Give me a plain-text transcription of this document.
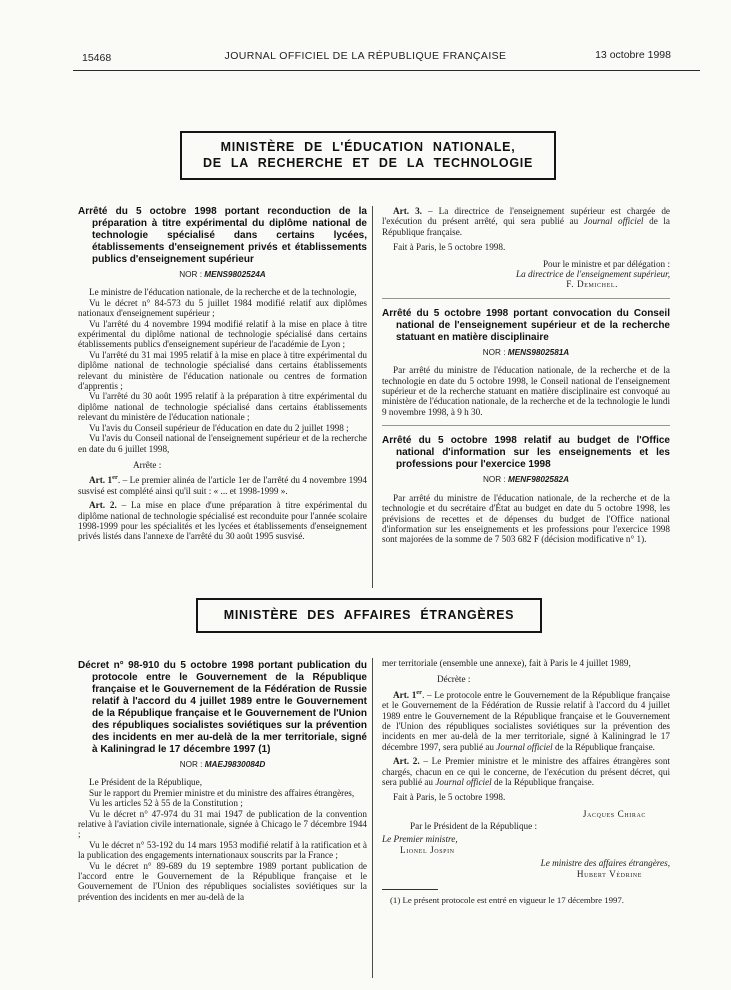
15468	JOURNAL OFFICIEL DE LA RÉPUBLIQUE FRANÇAISE	13 octobre 1998
MINISTÈRE DE L'ÉDUCATION NATIONALE,
DE LA RECHERCHE ET DE LA TECHNOLOGIE
Arrêté du 5 octobre 1998 portant reconduction de la préparation à titre expérimental du diplôme national de technologie spécialisé dans certains lycées, établissements d'enseignement privés et établissements publics d'enseignement supérieur

NOR : MENS9802524A

Le ministre de l'éducation nationale, de la recherche et de la technologie,

Vu le décret n° 84-573 du 5 juillet 1984 modifié relatif aux diplômes nationaux d'enseignement supérieur ;

Vu l'arrêté du 4 novembre 1994 modifié relatif à la mise en place à titre expérimental du diplôme national de technologie spécialisé dans certains établissements publics d'enseignement supérieur de l'académie de Lyon ;

Vu l'arrêté du 31 mai 1995 relatif à la mise en place à titre expérimental du diplôme national de technologie spécialisé dans certains établissements relevant du ministère de l'éducation nationale ou centres de formation d'apprentis ;

Vu l'arrêté du 30 août 1995 relatif à la préparation à titre expérimental du diplôme national de technologie spécialisé dans certains établissements relevant du ministère de l'éducation nationale ;

Vu l'avis du Conseil supérieur de l'éducation en date du 2 juillet 1998 ;

Vu l'avis du Conseil national de l'enseignement supérieur et de la recherche en date du 6 juillet 1998,

Arrête :

Art. 1er. – Le premier alinéa de l'article 1er de l'arrêté du 4 novembre 1994 susvisé est complété ainsi qu'il suit : « ... et 1998-1999 ».

Art. 2. – La mise en place d'une préparation à titre expérimental du diplôme national de technologie spécialisé est reconduite pour l'année scolaire 1998-1999 pour les spécialités et les lycées et établissements d'enseignement privés listés dans l'annexe de l'arrêté du 30 août 1995 susvisé.

Art. 3. – La directrice de l'enseignement supérieur est chargée de l'exécution du présent arrêté, qui sera publié au Journal officiel de la République française.

Fait à Paris, le 5 octobre 1998.

Pour le ministre et par délégation :

La directrice de l'enseignement supérieur,

F. Demichel.

Arrêté du 5 octobre 1998 portant convocation du Conseil national de l'enseignement supérieur et de la recherche statuant en matière disciplinaire

NOR : MENS9802581A

Par arrêté du ministre de l'éducation nationale, de la recherche et de la technologie en date du 5 octobre 1998, le Conseil national de l'enseignement supérieur et de la recherche statuant en matière disciplinaire est convoqué au ministère de l'éducation nationale, de la recherche et de la technologie le lundi 9 novembre 1998, à 9 h 30.

Arrêté du 5 octobre 1998 relatif au budget de l'Office national d'information sur les enseignements et les professions pour l'exercice 1998

NOR : MENF9802582A

Par arrêté du ministre de l'éducation nationale, de la recherche et de la technologie et du secrétaire d'État au budget en date du 5 octobre 1998, les prévisions de recettes et de dépenses du budget de l'Office national d'information sur les enseignements et les professions pour l'exercice 1998 sont majorées de la somme de 7 503 682 F (décision modificative n° 1).

MINISTÈRE DES AFFAIRES ÉTRANGÈRES
Décret n° 98-910 du 5 octobre 1998 portant publication du protocole entre le Gouvernement de la République française et le Gouvernement de la Fédération de Russie relatif à l'accord du 4 juillet 1989 entre le Gouvernement de la République française et le Gouvernement de l'Union des républiques socialistes soviétiques sur la prévention des incidents en mer au-delà de la mer territoriale, signé à Kaliningrad le 17 décembre 1997 (1)

NOR : MAEJ9830084D

Le Président de la République,

Sur le rapport du Premier ministre et du ministre des affaires étrangères,

Vu les articles 52 à 55 de la Constitution ;

Vu le décret n° 47-974 du 31 mai 1947 de publication de la convention relative à l'aviation civile internationale, signée à Chicago le 7 décembre 1944 ;

Vu le décret n° 53-192 du 14 mars 1953 modifié relatif à la ratification et à la publication des engagements internationaux souscrits par la France ;

Vu le décret n° 89-689 du 19 septembre 1989 portant publication de l'accord entre le Gouvernement de la République française et le Gouvernement de l'Union des républiques socialistes soviétiques sur la prévention des incidents en mer au-delà de la

mer territoriale (ensemble une annexe), fait à Paris le 4 juillet 1989,

Décrète :

Art. 1er. – Le protocole entre le Gouvernement de la République française et le Gouvernement de la Fédération de Russie relatif à l'accord du 4 juillet 1989 entre le Gouvernement de la République française et le Gouvernement de l'Union des républiques socialistes soviétiques sur la prévention des incidents en mer au-delà de la mer territoriale, signé à Kaliningrad le 17 décembre 1997, sera publié au Journal officiel de la République française.

Art. 2. – Le Premier ministre et le ministre des affaires étrangères sont chargés, chacun en ce qui le concerne, de l'exécution du présent décret, qui sera publié au Journal officiel de la République française.

Fait à Paris, le 5 octobre 1998.

Jacques Chirac

Par le Président de la République :

Le Premier ministre,

Lionel Jospin

Le ministre des affaires étrangères,

Hubert Védrine

(1) Le présent protocole est entré en vigueur le 17 décembre 1997.
